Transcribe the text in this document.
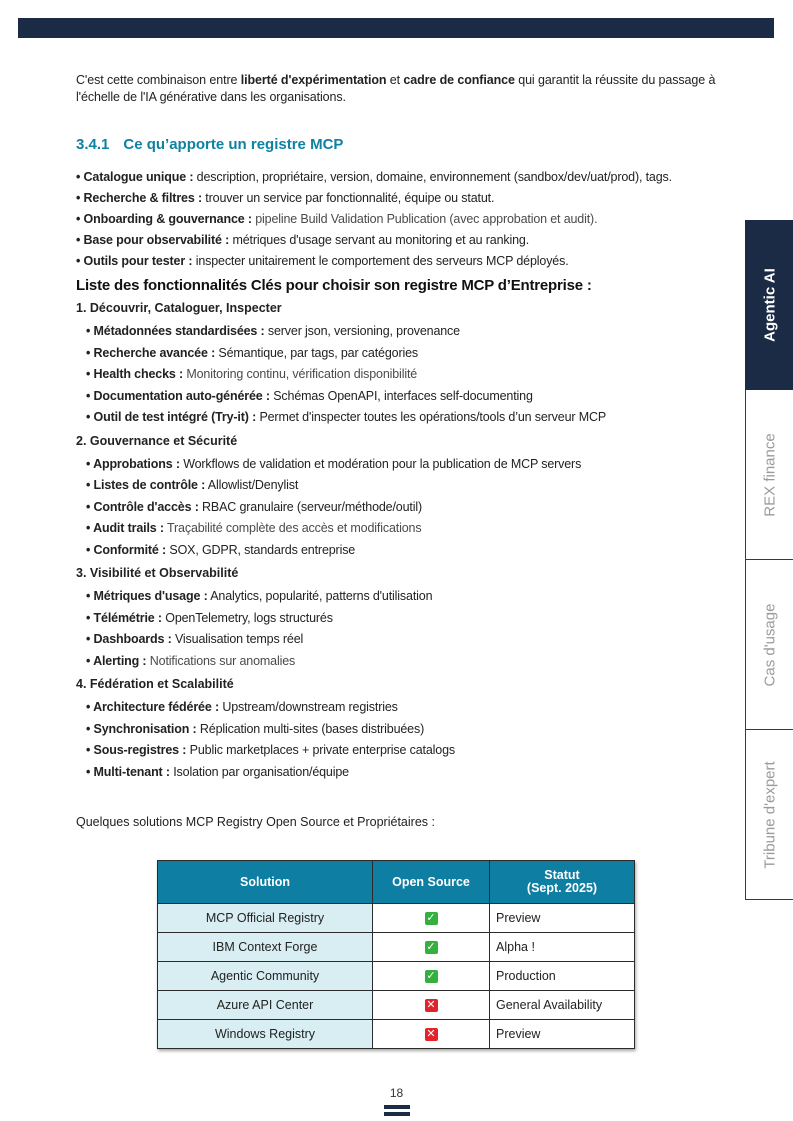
C'est cette combinaison entre liberté d'expérimentation et cadre de confiance qui garantit la réussite du passage à l'échelle de l'IA générative dans les organisations.

3.4.1 Ce qu’apporte un registre MCP
• Catalogue unique : description, propriétaire, version, domaine, environnement (sandbox/dev/uat/prod), tags.
• Recherche & filtres : trouver un service par fonctionnalité, équipe ou statut.
• Onboarding & gouvernance : pipeline Build Validation Publication (avec approbation et audit).
• Base pour observabilité : métriques d'usage servant au monitoring et au ranking.
• Outils pour tester : inspecter unitairement le comportement des serveurs MCP déployés.
Liste des fonctionnalités Clés pour choisir son registre MCP d’Entreprise :
1. Découvrir, Cataloguer, Inspecter
• Métadonnées standardisées : server json, versioning, provenance
• Recherche avancée : Sémantique, par tags, par catégories
• Health checks : Monitoring continu, vérification disponibilité
• Documentation auto-générée : Schémas OpenAPI, interfaces self-documenting
• Outil de test intégré (Try-it) : Permet d'inspecter toutes les opérations/tools d’un serveur MCP
2. Gouvernance et Sécurité
• Approbations : Workflows de validation et modération pour la publication de MCP servers
• Listes de contrôle : Allowlist/Denylist
• Contrôle d'accès : RBAC granulaire (serveur/méthode/outil)
• Audit trails : Traçabilité complète des accès et modifications
• Conformité : SOX, GDPR, standards entreprise
3. Visibilité et Observabilité
• Métriques d'usage : Analytics, popularité, patterns d'utilisation
• Télémétrie : OpenTelemetry, logs structurés
• Dashboards : Visualisation temps réel
• Alerting : Notifications sur anomalies
4. Fédération et Scalabilité
• Architecture fédérée : Upstream/downstream registries
• Synchronisation : Réplication multi-sites (bases distribuées)
• Sous-registres : Public marketplaces + private enterprise catalogs
• Multi-tenant : Isolation par organisation/équipe
Quelques solutions MCP Registry Open Source et Propriétaires :
Solution	Open Source	Statut
(Sept. 2025)
MCP Official Registry	✓	Preview
IBM Context Forge	✓	Alpha !
Agentic Community	✓	Production
Azure API Center	✕	General Availability
Windows Registry	✕	Preview
Agentic AI
REX finance
Cas d'usage
Tribune d'expert
18
